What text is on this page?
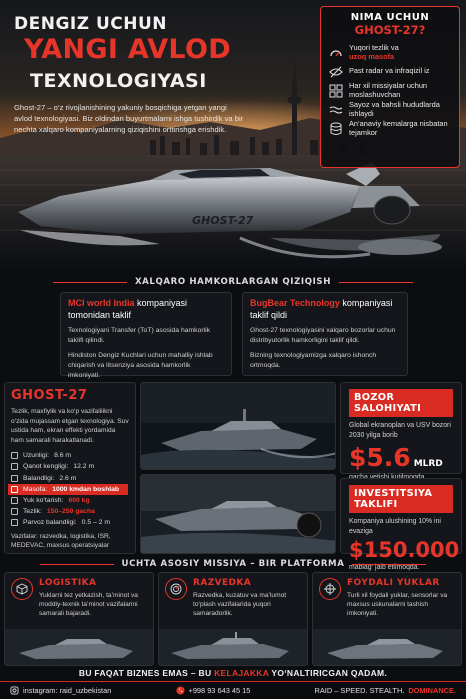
GHOST-27
DENGIZ UCHUN
YANGI AVLOD
TEXNOLOGIYASI
Ghost-27 – o‘z rivojlanishining yakuniy bosqichiga yetgan yangi avlod texnologiyasi. Biz oldindan buyurtmalarni ishga tushirdik va bir nechta xalqaro kompaniyalarning qiziqishini orttirishga erishdik.
NIMA UCHUN
GHOST-27?
Yuqori tezlik va
uzoq masofa
Past radar va infraqizil iz
Har xil missiyalar uchun moslashuvchan
Sayoz va bahsli hududlarda ishlaydi
An‘anaviy kemalarga nisbatan tejamkor
XALQARO HAMKORLARGAN QIZIQISH
MCI world India kompaniyasi tomonidan taklif
Texnologiyani Transfer (ToT) asosida hamkorlik taklifi qilindi.
Hindiston Dengiz Kuchlari uchun mahalliy ishlab chiqarish va litsenziya asosida hamkorlik imkoniyati.
BugBear Technology kompaniyasi taklif qildi
Ghost-27 texnologiyasini xalqaro bozorlar uchun distribyutorlik hamkorligini taklif qildi.
Bizning texnologiyamizga xalqaro ishonch ortmoqda.
GHOST-27
Tezlik, maxfiylik va ko‘p vazifalilikni o‘zida mujassam etgan texnologiya. Suv ustida ham, ekran effekti yordamida ham samarali harakatlanadi.
Uzunligi: 8.6 m
Qanot kengligi: 12.2 m
Balandligi: 2.6 m
Masofa: 1000 kmdan boshlab
Yuk ko‘tarish: 600 kg
Tezlik: 150–250 gacha
Parvoz balandligi: 0.5 – 2 m
Vazifalar: razvedka, logistika, ISR, MEDEVAC, maxsus operatsiyalar
BOZOR SALOHIYATI
Global ekranoplan va USV bozori 2030 yilga borib
$5.6 MLRD
INVESTITSIYA TAKLIFI
Kompaniya ulushining 10% ini evaziga
$150.000
mablag‘ jalb etilmoqda.
UCHTA ASOSIY MISSIYA – BIR PLATFORMA
LOGISTIKA
Yuklarni tez yetkazish, ta’minot va moddiy-texnik ta’minot vazifalarini samarali bajaradi.
RAZVEDKA
Razvedka, kuzatuv va ma’lumot to‘plash vazifalarida yuqori samaradorlik.
FOYDALI YUKLAR
Turli xil foydali yuklar, sensorlar va maxsus uskunalarni tashish imkoniyati.
BU FAQAT BIZNES EMAS – BU KELAJAKKA YO‘NALTIRICGAN QADAM.
instagram: raid_uzbekistan	+998 93 643 45 15	RAID – SPEED. STEALTH. DOMINANCE.
